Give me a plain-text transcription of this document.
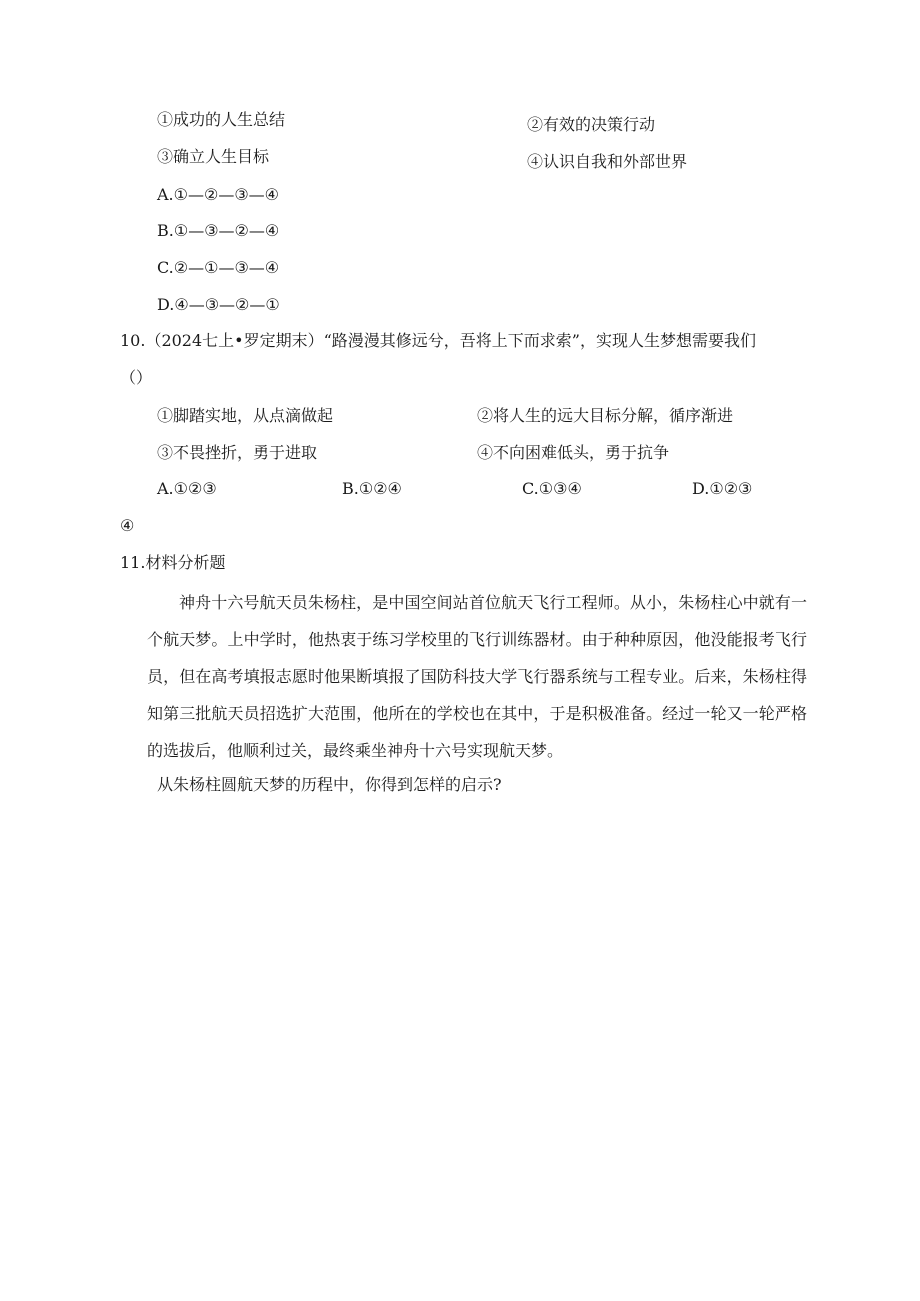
①成功的人生总结	②有效的决策行动
③确立人生目标	④认识自我和外部世界
A.①—②—③—④
B.①—③—②—④
C.②—①—③—④
D.④—③—②—①
10.（2024七上•罗定期末）“路漫漫其修远兮，吾将上下而求索”，实现人生梦想需要我们
（）
①脚踏实地，从点滴做起	②将人生的远大目标分解，循序渐进
③不畏挫折，勇于进取	④不向困难低头，勇于抗争
A.①②③	B.①②④	C.①③④	D.①②③
④
11.材料分析题
神舟十六号航天员朱杨柱，是中国空间站首位航天飞行工程师。从小，朱杨柱心中就有一个航天梦。上中学时，他热衷于练习学校里的飞行训练器材。由于种种原因，他没能报考飞行员，但在高考填报志愿时他果断填报了国防科技大学飞行器系统与工程专业。后来，朱杨柱得知第三批航天员招选扩大范围，他所在的学校也在其中，于是积极准备。经过一轮又一轮严格的选拔后，他顺利过关，最终乘坐神舟十六号实现航天梦。
从朱杨柱圆航天梦的历程中，你得到怎样的启示?
